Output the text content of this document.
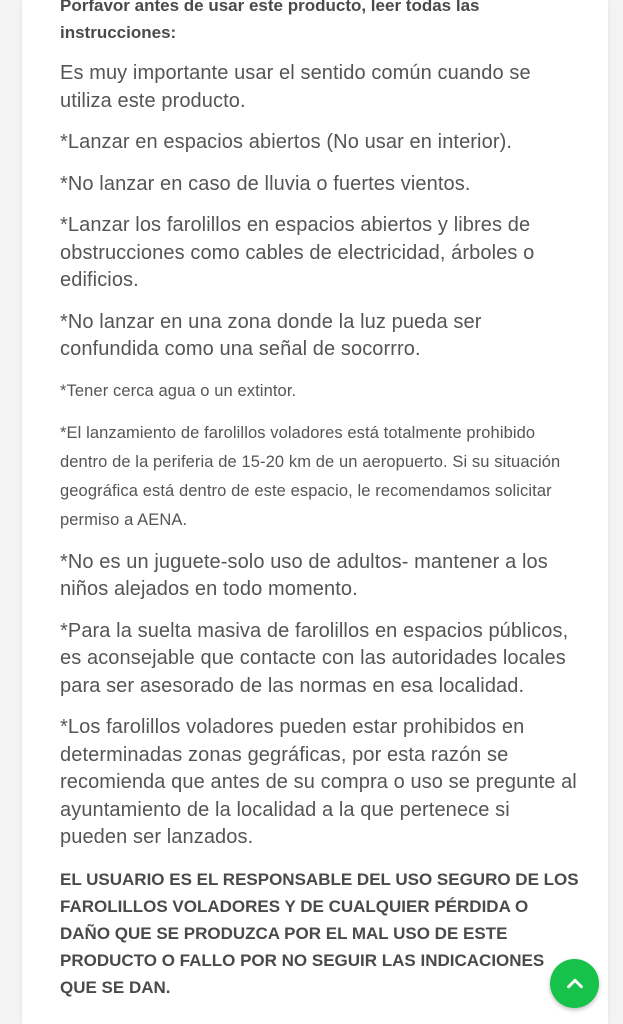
Porfavor antes de usar este producto, leer todas las instrucciones:

Es muy importante usar el sentido común cuando se utiliza este producto.

*Lanzar en espacios abiertos (No usar en interior).

*No lanzar en caso de lluvia o fuertes vientos.

*Lanzar los farolillos en espacios abiertos y libres de obstrucciones como cables de electricidad, árboles o edificios.

*No lanzar en una zona donde la luz pueda ser confundida como una señal de socorrro.

*Tener cerca agua o un extintor.

*El lanzamiento de farolillos voladores está totalmente prohibido dentro de la periferia de 15-20 km de un aeropuerto. Si su situación geográfica está dentro de este espacio, le recomendamos solicitar permiso a AENA.

*No es un juguete-solo uso de adultos- mantener a los niños alejados en todo momento.

*Para la suelta masiva de farolillos en espacios públicos, es aconsejable que contacte con las autoridades locales para ser asesorado de las normas en esa localidad.

*Los farolillos voladores pueden estar prohibidos en determinadas zonas gegráficas, por esta razón se recomienda que antes de su compra o uso se pregunte al ayuntamiento de la localidad a la que pertenece si pueden ser lanzados.

EL USUARIO ES EL RESPONSABLE DEL USO SEGURO DE LOS FAROLILLOS VOLADORES Y DE CUALQUIER PÉRDIDA O DAÑO QUE SE PRODUZCA POR EL MAL USO DE ESTE PRODUCTO O FALLO POR NO SEGUIR LAS INDICACIONES QUE SE DAN.
